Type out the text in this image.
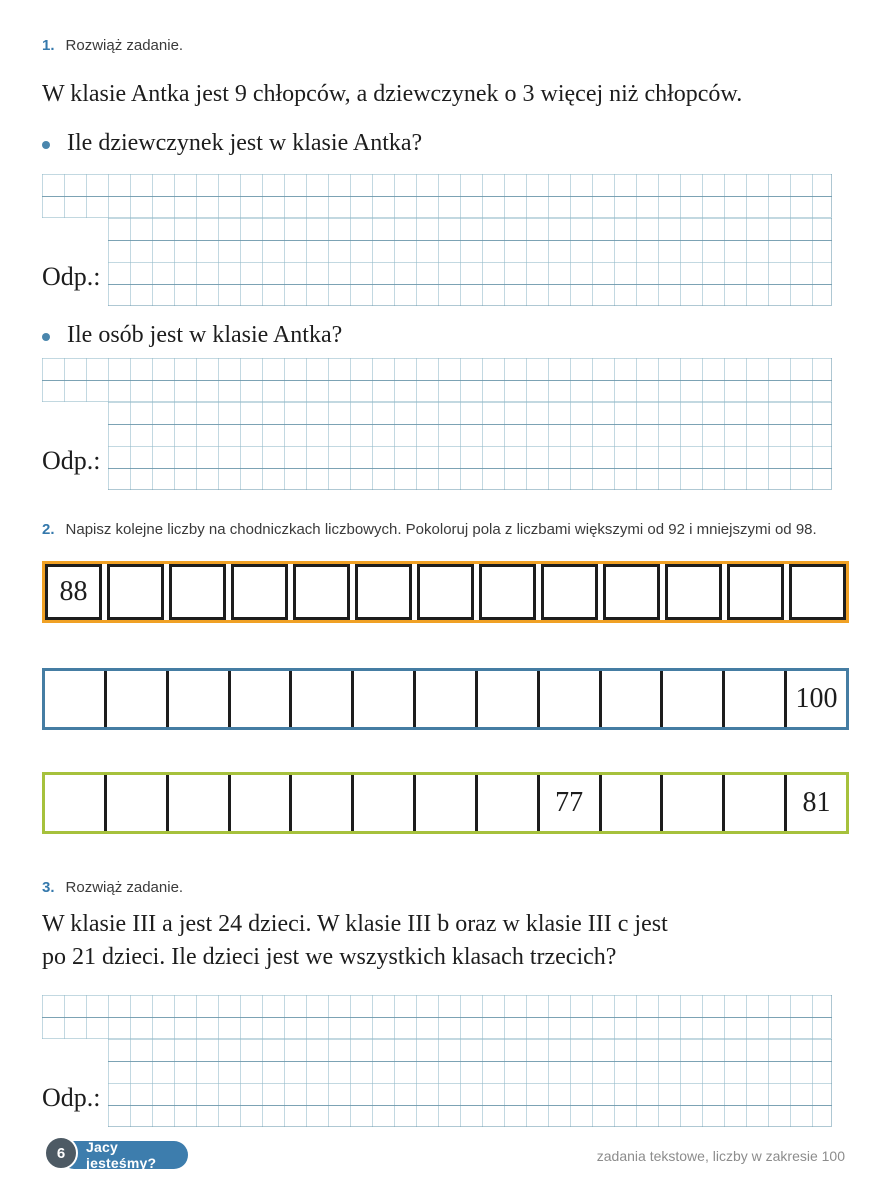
1. Rozwiąż zadanie.
W klasie Antka jest 9 chłopców, a dziewczynek o 3 więcej niż chłopców.
Ile dziewczynek jest w klasie Antka?
Odp.:
Ile osób jest w klasie Antka?
Odp.:
2. Napisz kolejne liczby na chodniczkach liczbowych. Pokoloruj pola z liczbami większymi od 92 i mniejszymi od 98.
88
100
77	81
3. Rozwiąż zadanie.
W klasie III a jest 24 dzieci. W klasie III b oraz w klasie III c jest
po 21 dzieci. Ile dzieci jest we wszystkich klasach trzecich?
Odp.:
Jacy jesteśmy?
6	zadania tekstowe, liczby w zakresie 100
